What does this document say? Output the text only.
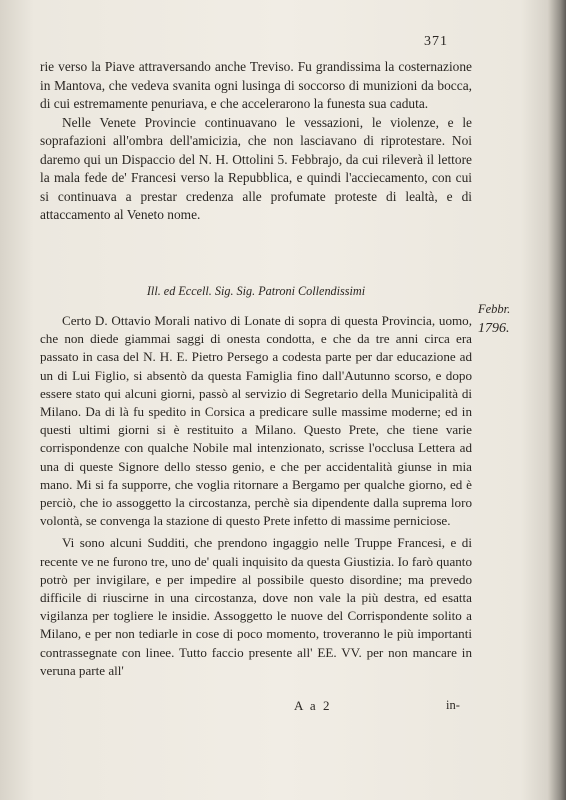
371

rie verso la Piave attraversando anche Treviso. Fu grandissima la costernazione in Mantova, che vedeva svanita ogni lusinga di soccorso di munizioni da bocca, di cui estremamente penuriava, e che accelerarono la funesta sua caduta.

Nelle Venete Provincie continuavano le vessazioni, le violenze, e le soprafazioni all'ombra dell'amicizia, che non lasciavano di riprotestare. Noi daremo qui un Dispaccio del N. H. Ottolini 5. Febbrajo, da cui rileverà il lettore la mala fede de' Francesi verso la Repubblica, e quindi l'acciecamento, con cui si continuava a prestar credenza alle profumate proteste di lealtà, e di attaccamento al Veneto nome.

Ill. ed Eccell. Sig. Sig. Patroni Collendissimi
Febbr.
1796.

Certo D. Ottavio Morali nativo di Lonate di sopra di questa Provincia, uomo, che non diede giammai saggi di onesta condotta, e che da tre anni circa era passato in casa del N. H. E. Pietro Persego a codesta parte per dar educazione ad un di Lui Figlio, si absentò da questa Famiglia fino dall'Autunno scorso, e dopo essere stato qui alcuni giorni, passò al servizio di Segretario della Municipalità di Milano. Da di là fu spedito in Corsica a predicare sulle massime moderne; ed in questi ultimi giorni si è restituito a Milano. Questo Prete, che tiene varie corrispondenze con qualche Nobile mal intenzionato, scrisse l'occlusa Lettera ad una di queste Signore dello stesso genio, e che per accidentalità giunse in mia mano. Mi si fa supporre, che voglia ritornare a Bergamo per qualche giorno, ed è perciò, che io assoggetto la circostanza, perchè sia dipendente dalla suprema loro volontà, se convenga la stazione di questo Prete infetto di massime perniciose.

Vi sono alcuni Sudditi, che prendono ingaggio nelle Truppe Francesi, e di recente ve ne furono tre, uno de' quali inquisito da questa Giustizia. Io farò quanto potrò per invigilare, e per impedire al possibile questo disordine; ma prevedo difficile di riuscirne in una circostanza, dove non vale la più destra, ed esatta vigilanza per togliere le insidie. Assoggetto le nuove del Corrispondente solito a Milano, e per non tediarle in cose di poco momento, troveranno le più importanti contrassegnate con linee. Tutto faccio presente all' EE. VV. per non mancare in veruna parte all'

A a 2	in-
